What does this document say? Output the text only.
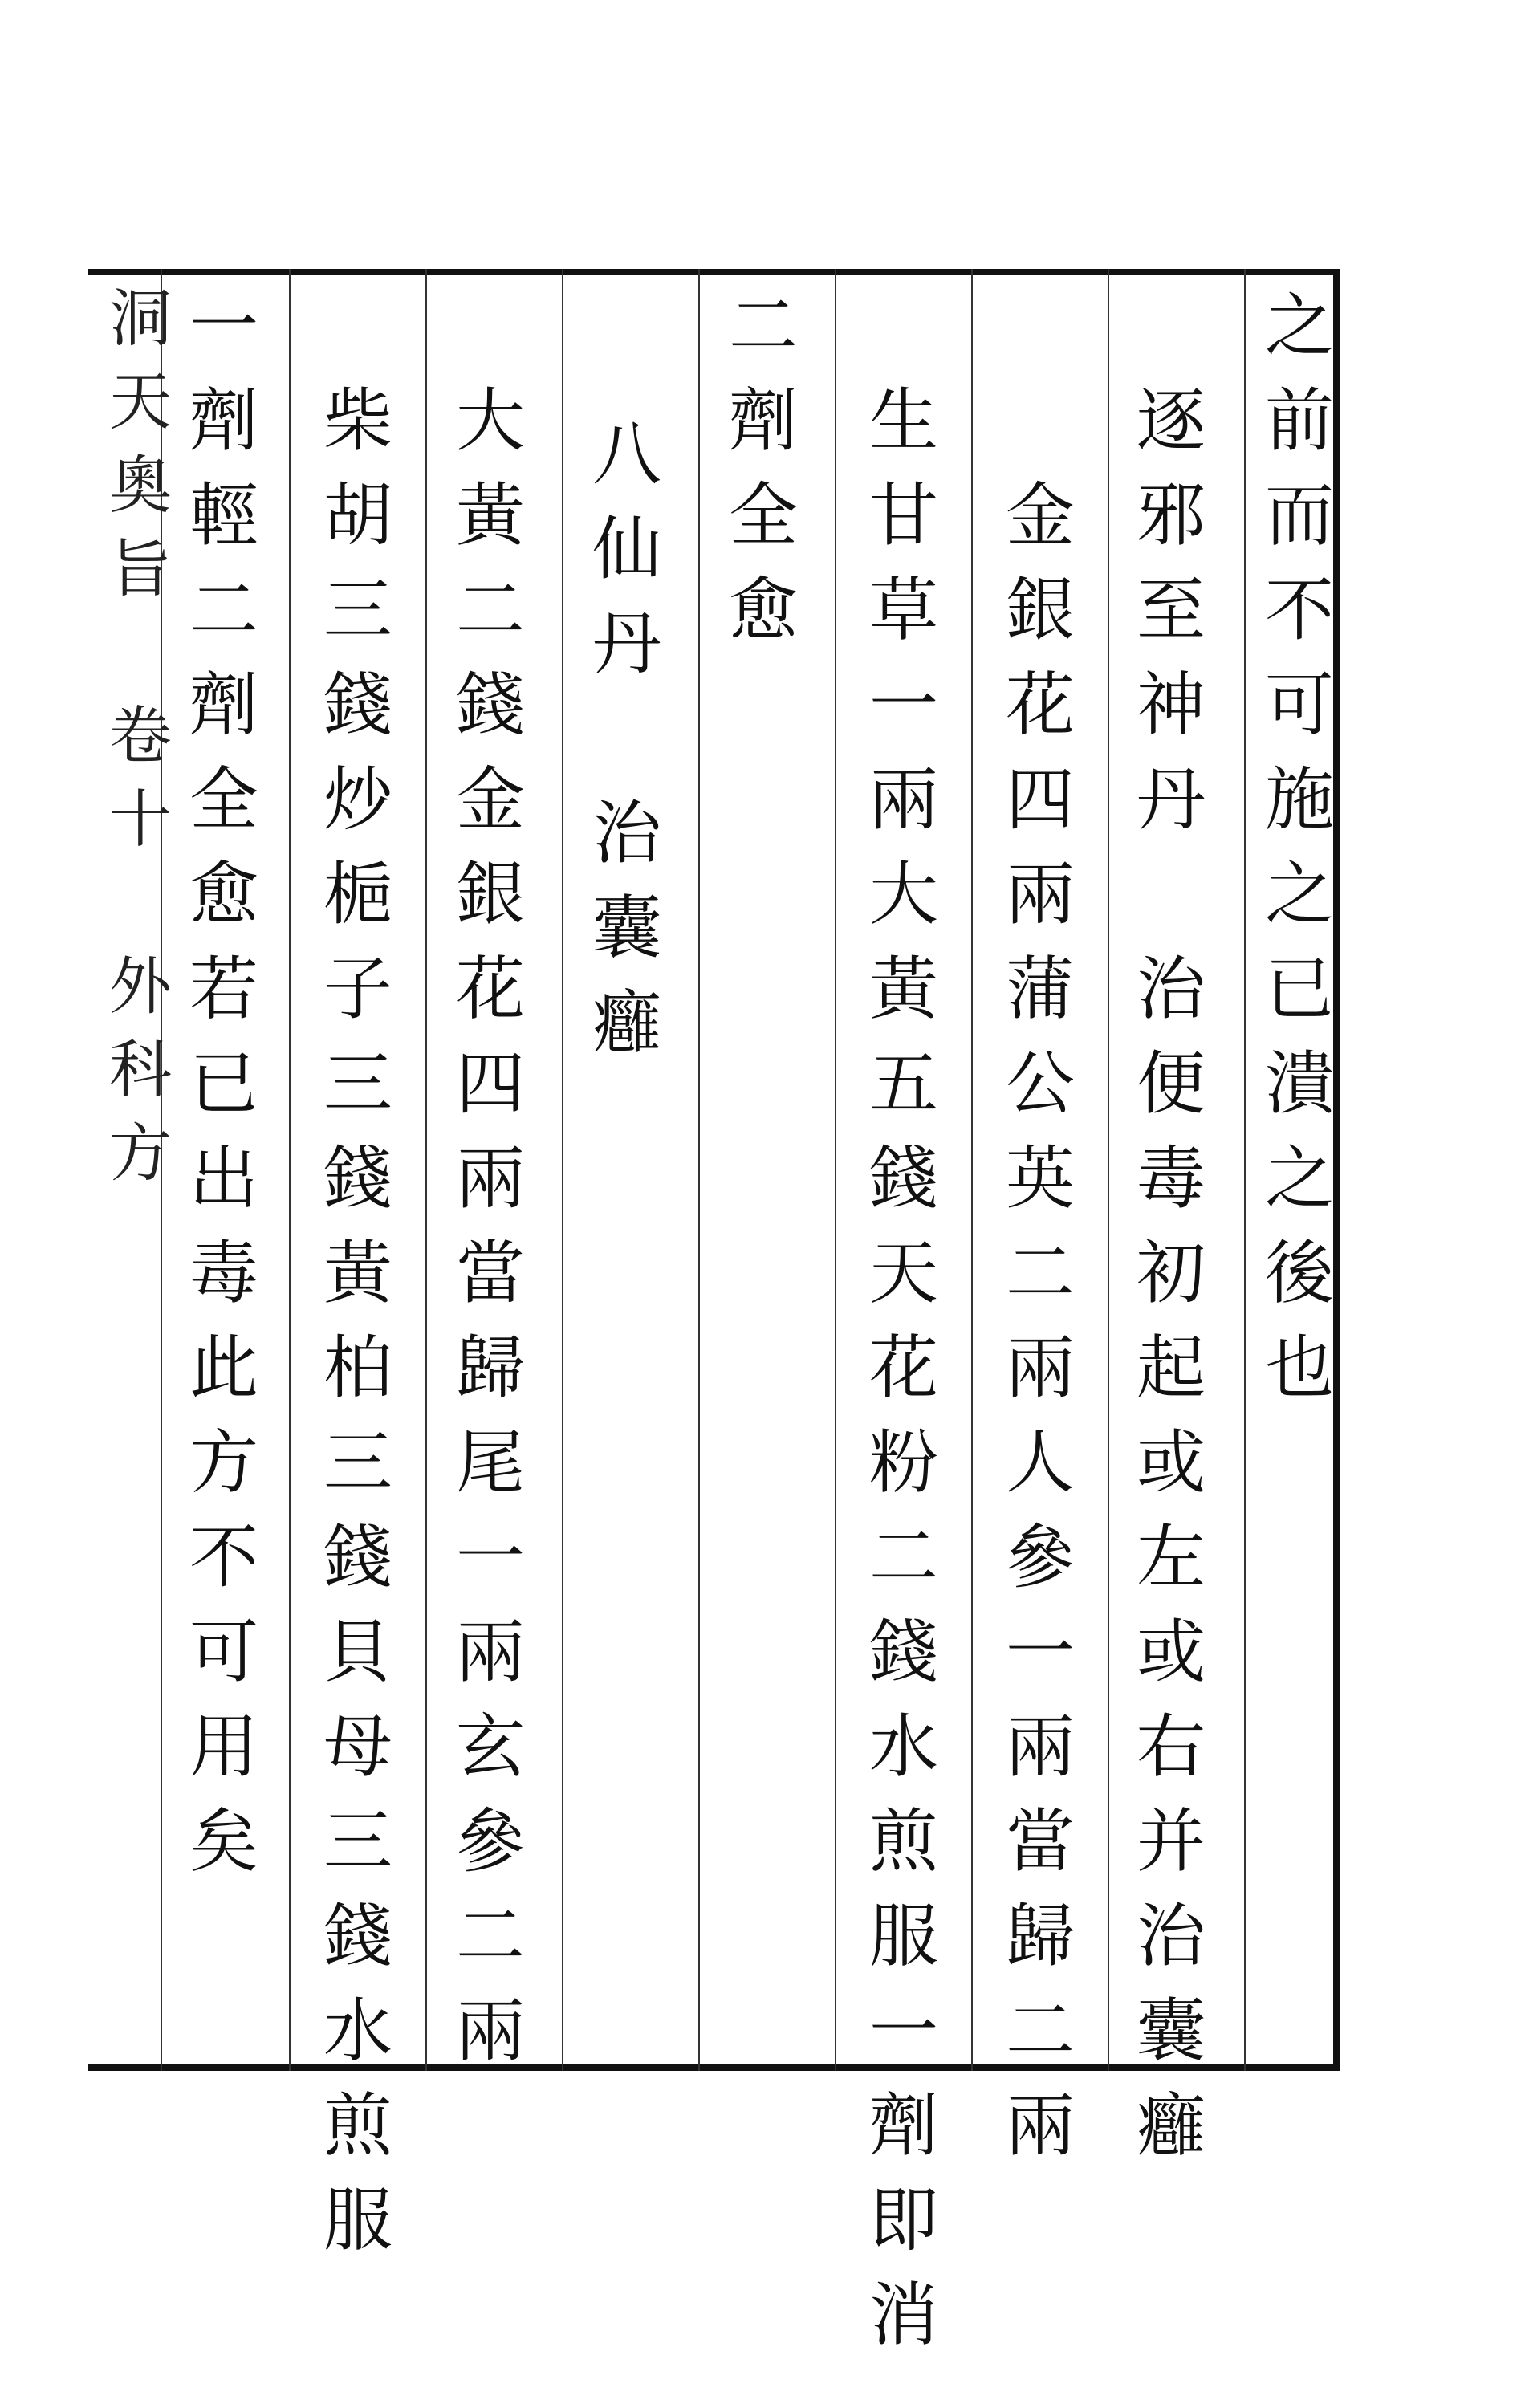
之前而不可施之已潰之後也
　逐邪至神丹　治便毒初起或左或右并治囊癰
　　金銀花四兩蒲公英二兩人參一兩當歸二兩
　生甘草一兩大黃五錢天花粉二錢水煎服一劑即消
二劑全愈
八仙丹　治囊癰
　大黃二錢金銀花四兩當歸尾一兩玄參二兩
　柴胡三錢炒梔子三錢黃柏三錢貝母三錢水煎服
一劑輕二劑全愈若已出毒此方不可用矣
洞天奧旨　卷十　外科方
